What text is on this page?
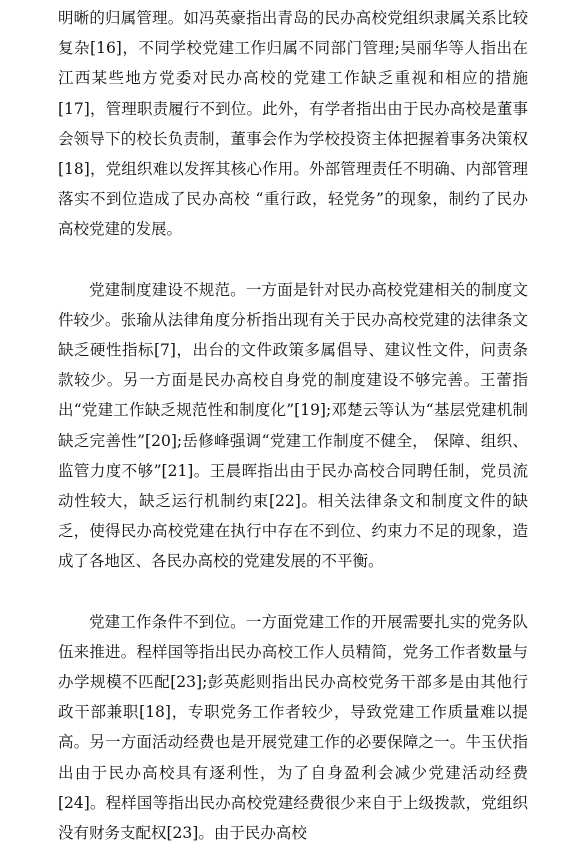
明晰的归属管理。如冯英豪指出青岛的民办高校党组织隶属关系比较复杂[16]，不同学校党建工作归属不同部门管理;吴丽华等人指出在江西某些地方党委对民办高校的党建工作缺乏重视和相应的措施[17]，管理职责履行不到位。此外，有学者指出由于民办高校是董事会领导下的校长负责制，董事会作为学校投资主体把握着事务决策权[18]，党组织难以发挥其核心作用。外部管理责任不明确、内部管理落实不到位造成了民办高校 “重行政，轻党务”的现象，制约了民办高校党建的发展。

党建制度建设不规范。一方面是针对民办高校党建相关的制度文件较少。张瑜从法律角度分析指出现有关于民办高校党建的法律条文缺乏硬性指标[7]，出台的文件政策多属倡导、建议性文件，问责条款较少。另一方面是民办高校自身党的制度建设不够完善。王蕾指出“党建工作缺乏规范性和制度化”[19];邓楚云等认为“基层党建机制缺乏完善性”[20];岳修峰强调“党建工作制度不健全， 保障、组织、监管力度不够”[21]。王晨晖指出由于民办高校合同聘任制，党员流动性较大，缺乏运行机制约束[22]。相关法律条文和制度文件的缺乏，使得民办高校党建在执行中存在不到位、约束力不足的现象，造成了各地区、各民办高校的党建发展的不平衡。

党建工作条件不到位。一方面党建工作的开展需要扎实的党务队伍来推进。程样国等指出民办高校工作人员精简，党务工作者数量与办学规模不匹配[23];彭英彪则指出民办高校党务干部多是由其他行政干部兼职[18]，专职党务工作者较少，导致党建工作质量难以提高。另一方面活动经费也是开展党建工作的必要保障之一。牛玉伏指出由于民办高校具有逐利性，为了自身盈利会减少党建活动经费[24]。程样国等指出民办高校党建经费很少来自于上级拨款，党组织没有财务支配权[23]。由于民办高校
